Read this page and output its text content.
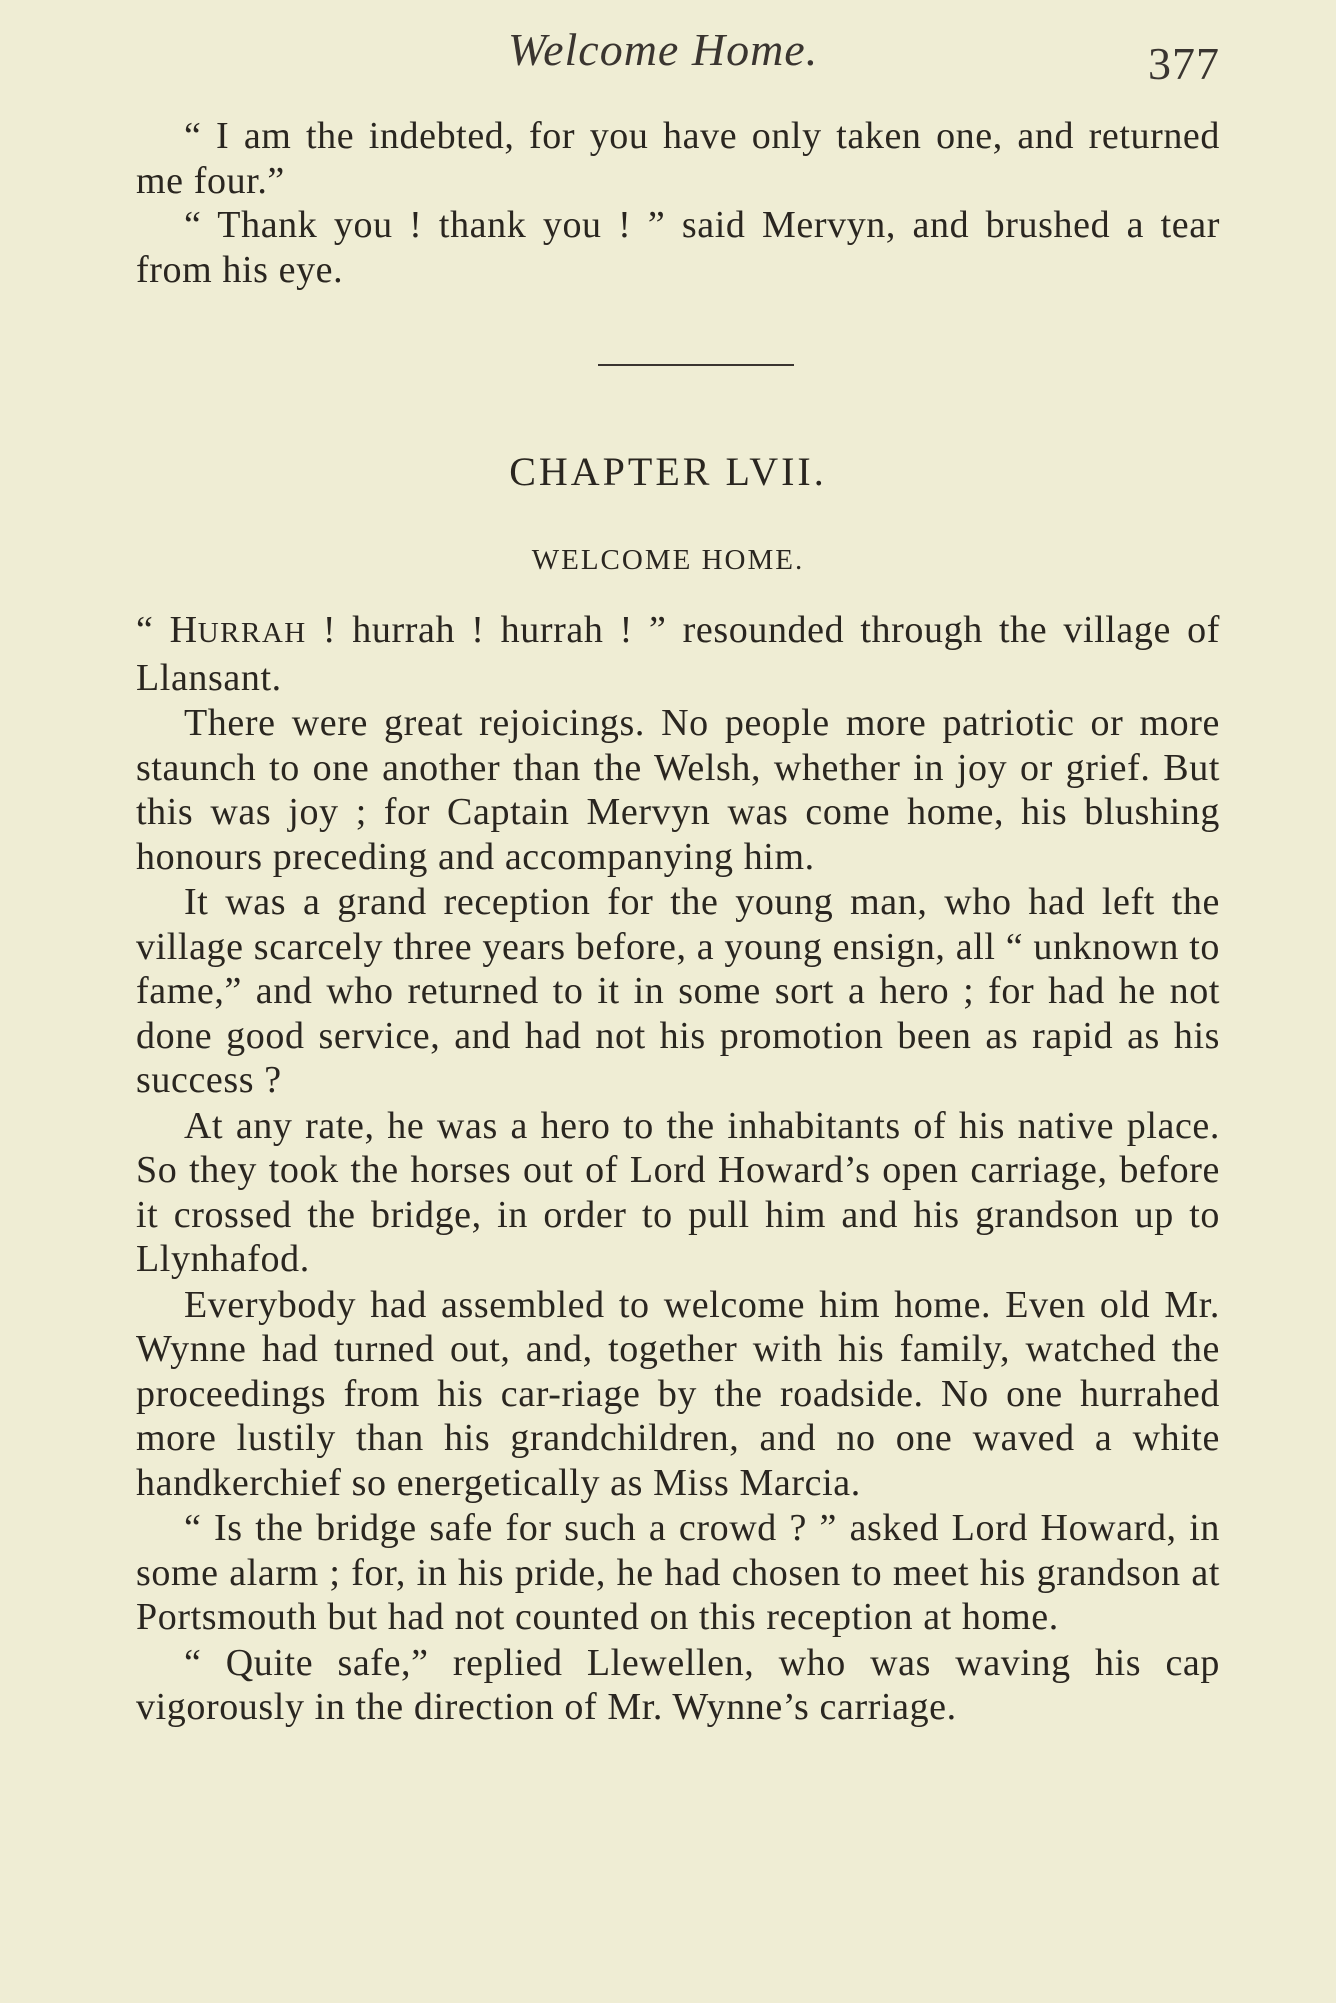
Welcome Home.	377

“ I am the indebted, for you have only taken one, and returned me four.”

“ Thank you ! thank you ! ” said Mervyn, and brushed a tear from his eye.

CHAPTER LVII.
WELCOME HOME.

“ HURRAH ! hurrah ! hurrah ! ” resounded through the village of Llansant.

There were great rejoicings. No people more patriotic or more staunch to one another than the Welsh, whether in joy or grief. But this was joy ; for Captain Mervyn was come home, his blushing honours preceding and accompanying him.

It was a grand reception for the young man, who had left the village scarcely three years before, a young ensign, all “ unknown to fame,” and who returned to it in some sort a hero ; for had he not done good service, and had not his promotion been as rapid as his success ?

At any rate, he was a hero to the inhabitants of his native place. So they took the horses out of Lord Howard’s open carriage, before it crossed the bridge, in order to pull him and his grandson up to Llynhafod.

Everybody had assembled to welcome him home. Even old Mr. Wynne had turned out, and, together with his family, watched the proceedings from his car-riage by the roadside. No one hurrahed more lustily than his grandchildren, and no one waved a white handkerchief so energetically as Miss Marcia.

“ Is the bridge safe for such a crowd ? ” asked Lord Howard, in some alarm ; for, in his pride, he had chosen to meet his grandson at Portsmouth but had not counted on this reception at home.

“ Quite safe,” replied Llewellen, who was waving his cap vigorously in the direction of Mr. Wynne’s carriage.
